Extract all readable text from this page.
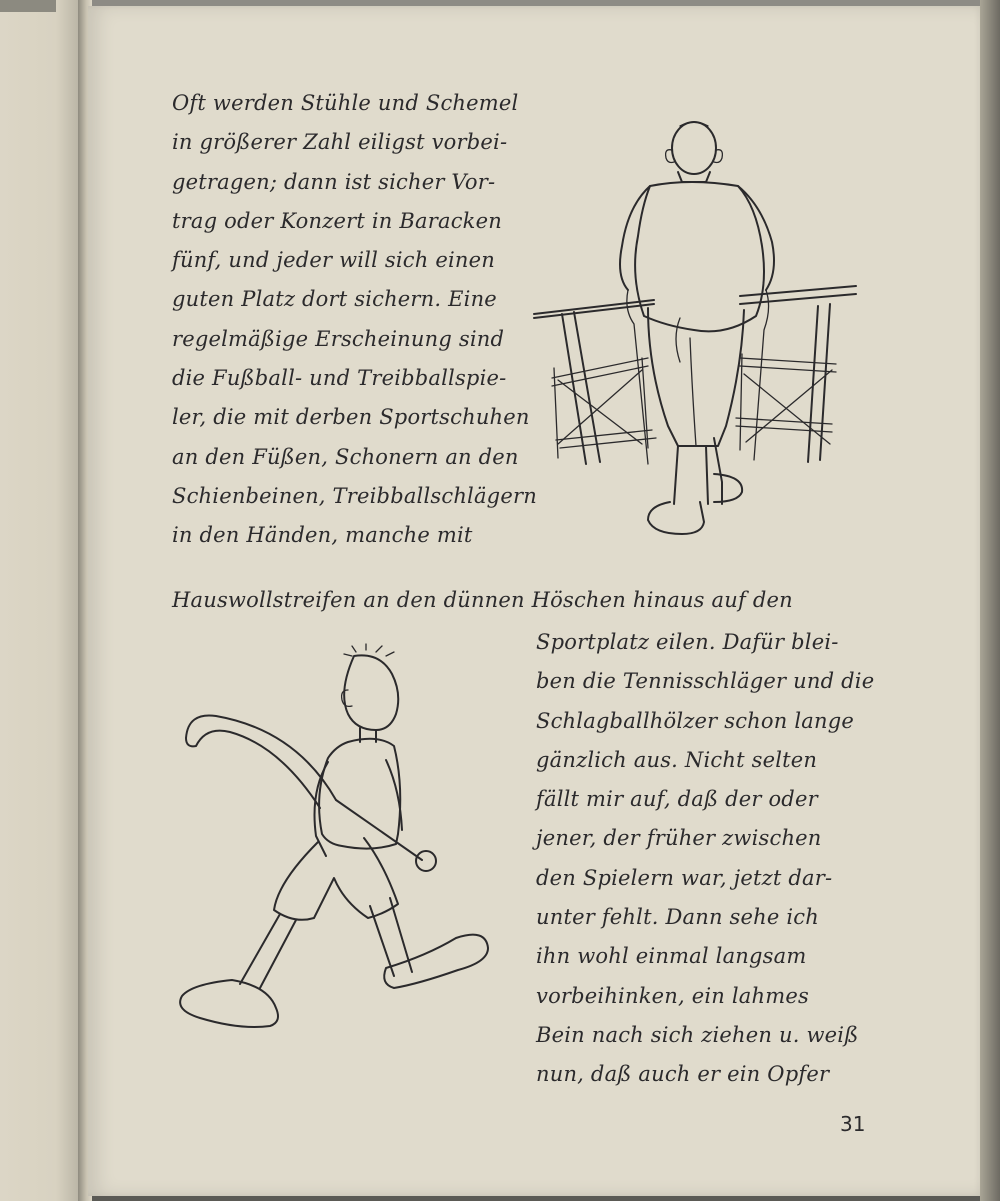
Oft werden Stühle und Schemel
in größerer Zahl eiligst vorbei-
getragen; dann ist sicher Vor-
trag oder Konzert in Baracken
fünf, und jeder will sich einen
guten Platz dort sichern. Eine
regelmäßige Erscheinung sind
die Fußball- und Treibballspie-
ler, die mit derben Sportschuhen
an den Füßen, Schonern an den
Schienbeinen, Treibballschlägern
in den Händen, manche mit
Hauswollstreifen an den dünnen Höschen hinaus auf den
Sportplatz eilen. Dafür blei-
ben die Tennisschläger und die
Schlagballhölzer schon lange
gänzlich aus. Nicht selten
fällt mir auf, daß der oder
jener, der früher zwischen
den Spielern war, jetzt dar-
unter fehlt. Dann sehe ich
ihn wohl einmal langsam
vorbeihinken, ein lahmes
Bein nach sich ziehen u. weiß
nun, daß auch er ein Opfer
31
